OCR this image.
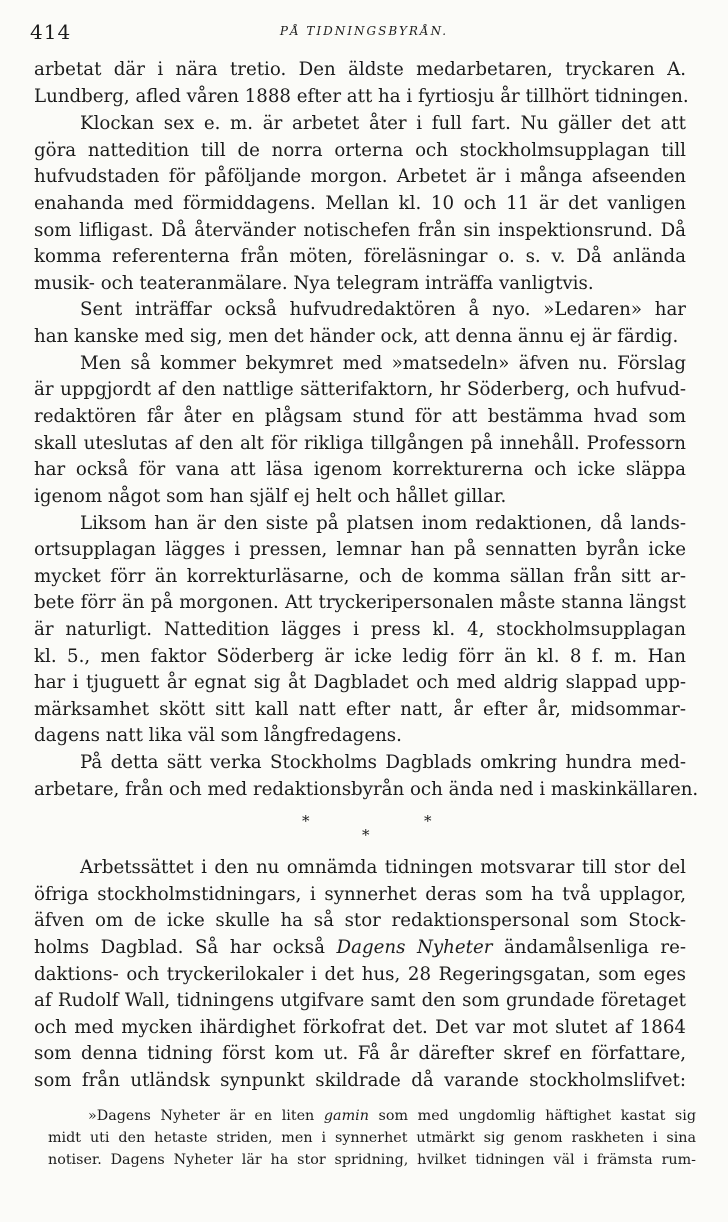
414	PÅ TIDNINGSBYRÅN.
arbetat där i nära tretio. Den äldste medarbetaren, tryckaren A.
Lundberg, afled våren 1888 efter att ha i fyrtiosju år tillhört tidningen.
Klockan sex e. m. är arbetet åter i full fart. Nu gäller det att
göra nattedition till de norra orterna och stockholmsupplagan till
hufvudstaden för påföljande morgon. Arbetet är i många afseenden
enahanda med förmiddagens. Mellan kl. 10 och 11 är det vanligen
som lifligast. Då återvänder notischefen från sin inspektionsrund. Då
komma referenterna från möten, föreläsningar o. s. v. Då anlända
musik- och teateranmälare. Nya telegram inträffa vanligtvis.
Sent inträffar också hufvudredaktören å nyo. »Ledaren» har
han kanske med sig, men det händer ock, att denna ännu ej är färdig.
Men så kommer bekymret med »matsedeln» äfven nu. Förslag
är uppgjordt af den nattlige sätterifaktorn, hr Söderberg, och hufvud-
redaktören får åter en plågsam stund för att bestämma hvad som
skall uteslutas af den alt för rikliga tillgången på innehåll. Professorn
har också för vana att läsa igenom korrekturerna och icke släppa
igenom något som han själf ej helt och hållet gillar.
Liksom han är den siste på platsen inom redaktionen, då lands-
ortsupplagan lägges i pressen, lemnar han på sennatten byrån icke
mycket förr än korrekturläsarne, och de komma sällan från sitt ar-
bete förr än på morgonen. Att tryckeripersonalen måste stanna längst
är naturligt. Nattedition lägges i press kl. 4, stockholmsupplagan
kl. 5., men faktor Söderberg är icke ledig förr än kl. 8 f. m. Han
har i tjuguett år egnat sig åt Dagbladet och med aldrig slappad upp-
märksamhet skött sitt kall natt efter natt, år efter år, midsommar-
dagens natt lika väl som långfredagens.
På detta sätt verka Stockholms Dagblads omkring hundra med-
arbetare, från och med redaktionsbyrån och ända ned i maskinkällaren.
*	*
*
Arbetssättet i den nu omnämda tidningen motsvarar till stor del
öfriga stockholmstidningars, i synnerhet deras som ha två upplagor,
äfven om de icke skulle ha så stor redaktionspersonal som Stock-
holms Dagblad. Så har också Dagens Nyheter ändamålsenliga re-
daktions- och tryckerilokaler i det hus, 28 Regeringsgatan, som eges
af Rudolf Wall, tidningens utgifvare samt den som grundade företaget
och med mycken ihärdighet förkofrat det. Det var mot slutet af 1864
som denna tidning först kom ut. Få år därefter skref en författare,
som från utländsk synpunkt skildrade då varande stockholmslifvet:
»Dagens Nyheter är en liten gamin som med ungdomlig häftighet kastat sig
midt uti den hetaste striden, men i synnerhet utmärkt sig genom raskheten i sina
notiser. Dagens Nyheter lär ha stor spridning, hvilket tidningen väl i främsta rum-
